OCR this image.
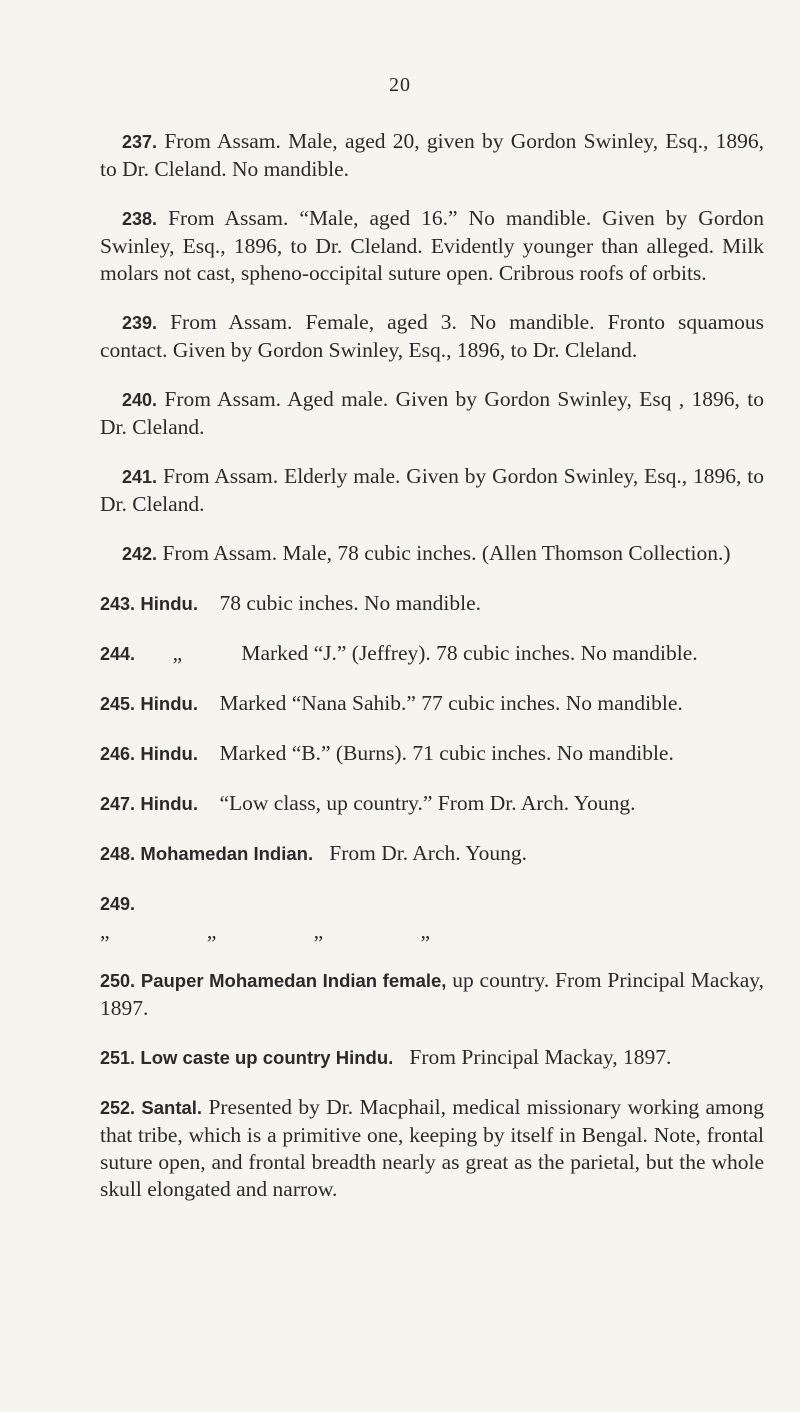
20

237. From Assam. Male, aged 20, given by Gordon Swinley, Esq., 1896, to Dr. Cleland. No mandible.

238. From Assam. “Male, aged 16.” No mandible. Given by Gordon Swinley, Esq., 1896, to Dr. Cleland. Evidently younger than alleged. Milk molars not cast, spheno-occipital suture open. Cribrous roofs of orbits.

239. From Assam. Female, aged 3. No mandible. Fronto squamous contact. Given by Gordon Swinley, Esq., 1896, to Dr. Cleland.

240. From Assam. Aged male. Given by Gordon Swinley, Esq , 1896, to Dr. Cleland.

241. From Assam. Elderly male. Given by Gordon Swinley, Esq., 1896, to Dr. Cleland.

242. From Assam. Male, 78 cubic inches. (Allen Thomson Collection.)

243. Hindu. 78 cubic inches. No mandible.

244. „	Marked “J.” (Jeffrey). 78 cubic inches. No mandible.

245. Hindu. Marked “Nana Sahib.” 77 cubic inches. No mandible.

246. Hindu. Marked “B.” (Burns). 71 cubic inches. No mandible.

247. Hindu. “Low class, up country.” From Dr. Arch. Young.

248. Mohamedan Indian. From Dr. Arch. Young.

249.
„	„	„	„

250. Pauper Mohamedan Indian female, up country. From Principal Mackay, 1897.

251. Low caste up country Hindu. From Principal Mackay, 1897.

252. Santal. Presented by Dr. Macphail, medical missionary working among that tribe, which is a primitive one, keeping by itself in Bengal. Note, frontal suture open, and frontal breadth nearly as great as the parietal, but the whole skull elongated and narrow.
